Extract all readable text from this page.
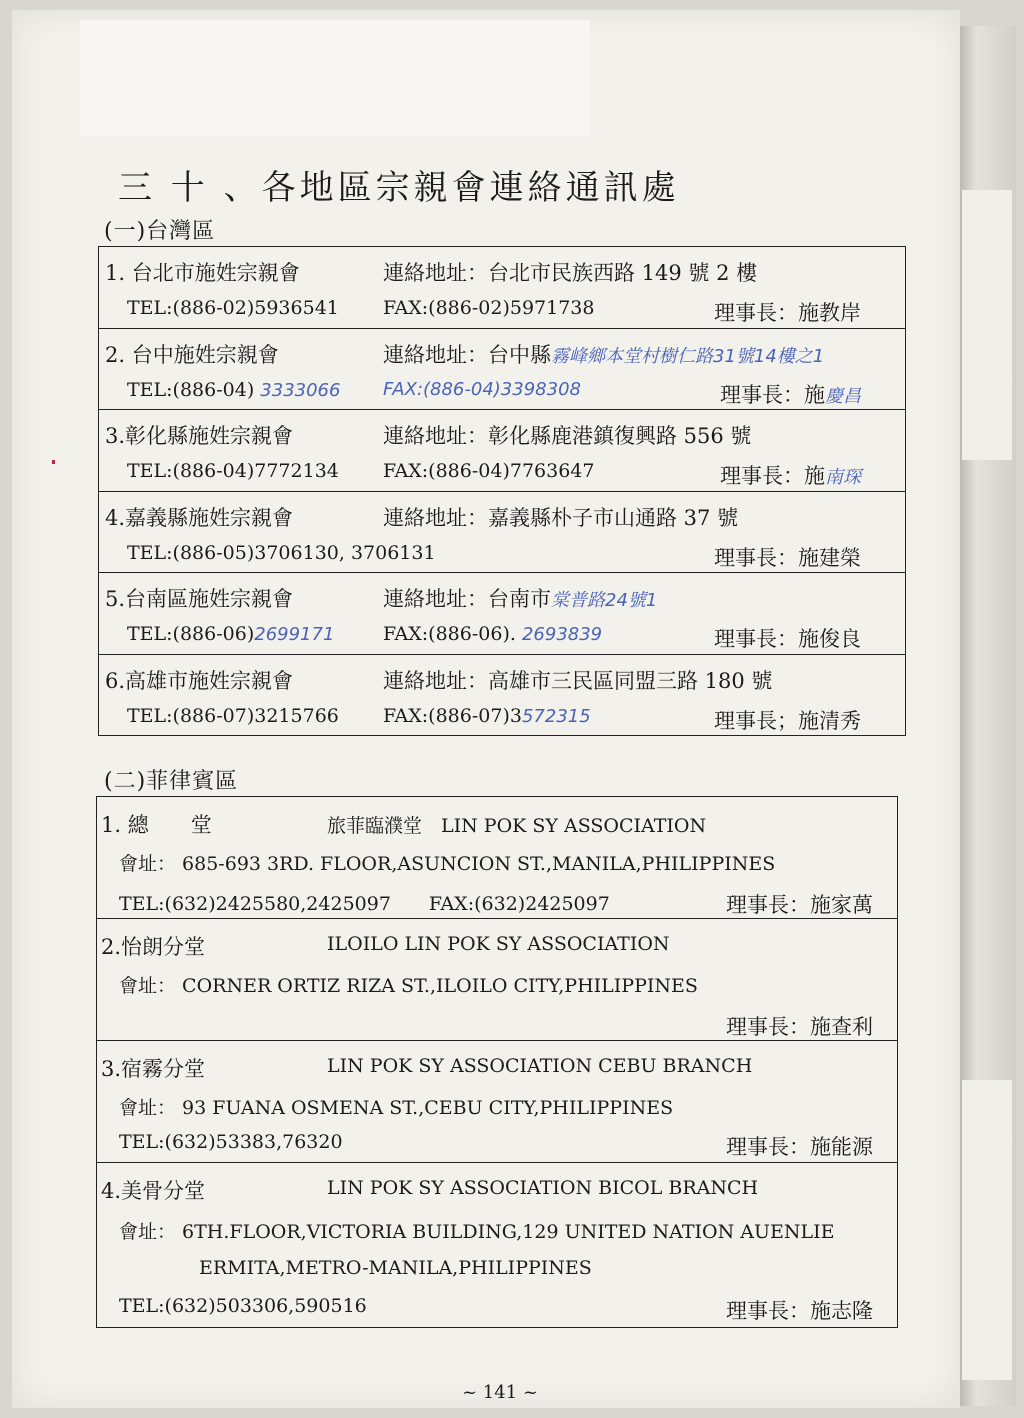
三 十 、各地區宗親會連絡通訊處
(一)台灣區
1. 台北市施姓宗親會	連絡地址：台北市民族西路 149 號 2 樓
TEL:(886-02)5936541 FAX:(886-02)5971738	理事長：施教岸
2. 台中施姓宗親會	連絡地址：台中縣霧峰鄉本堂村樹仁路31號14樓之1
TEL:(886-04) 3333066 FAX:(886-04)3398308	理事長：施慶昌
3.彰化縣施姓宗親會	連絡地址：彰化縣鹿港鎮復興路 556 號
TEL:(886-04)7772134 FAX:(886-04)7763647	理事長：施南琛
4.嘉義縣施姓宗親會	連絡地址：嘉義縣朴子市山通路 37 號
TEL:(886-05)3706130, 3706131	理事長：施建榮
5.台南區施姓宗親會	連絡地址：台南市棠普路24號1
TEL:(886-06)2699171	FAX:(886-06). 2693839	理事長：施俊良
6.高雄市施姓宗親會	連絡地址：高雄市三民區同盟三路 180 號
TEL:(886-07)3215766 FAX:(886-07)3572315	理事長；施清秀
(二)菲律賓區
1. 總　　堂	旅菲臨濮堂　LIN POK SY ASSOCIATION
會址： 685-693 3RD. FLOOR,ASUNCION ST.,MANILA,PHILIPPINES
TEL:(632)2425580,2425097　　FAX:(632)2425097	理事長：施家萬
2.怡朗分堂	ILOILO LIN POK SY ASSOCIATION
會址： CORNER ORTIZ RIZA ST.,ILOILO CITY,PHILIPPINES
理事長：施查利
3.宿霧分堂	LIN POK SY ASSOCIATION CEBU BRANCH
會址： 93 FUANA OSMENA ST.,CEBU CITY,PHILIPPINES
TEL:(632)53383,76320	理事長：施能源
4.美骨分堂	LIN POK SY ASSOCIATION BICOL BRANCH
會址： 6TH.FLOOR,VICTORIA BUILDING,129 UNITED NATION AUENLIE
ERMITA,METRO-MANILA,PHILIPPINES
TEL:(632)503306,590516	理事長：施志隆
~ 141 ~
